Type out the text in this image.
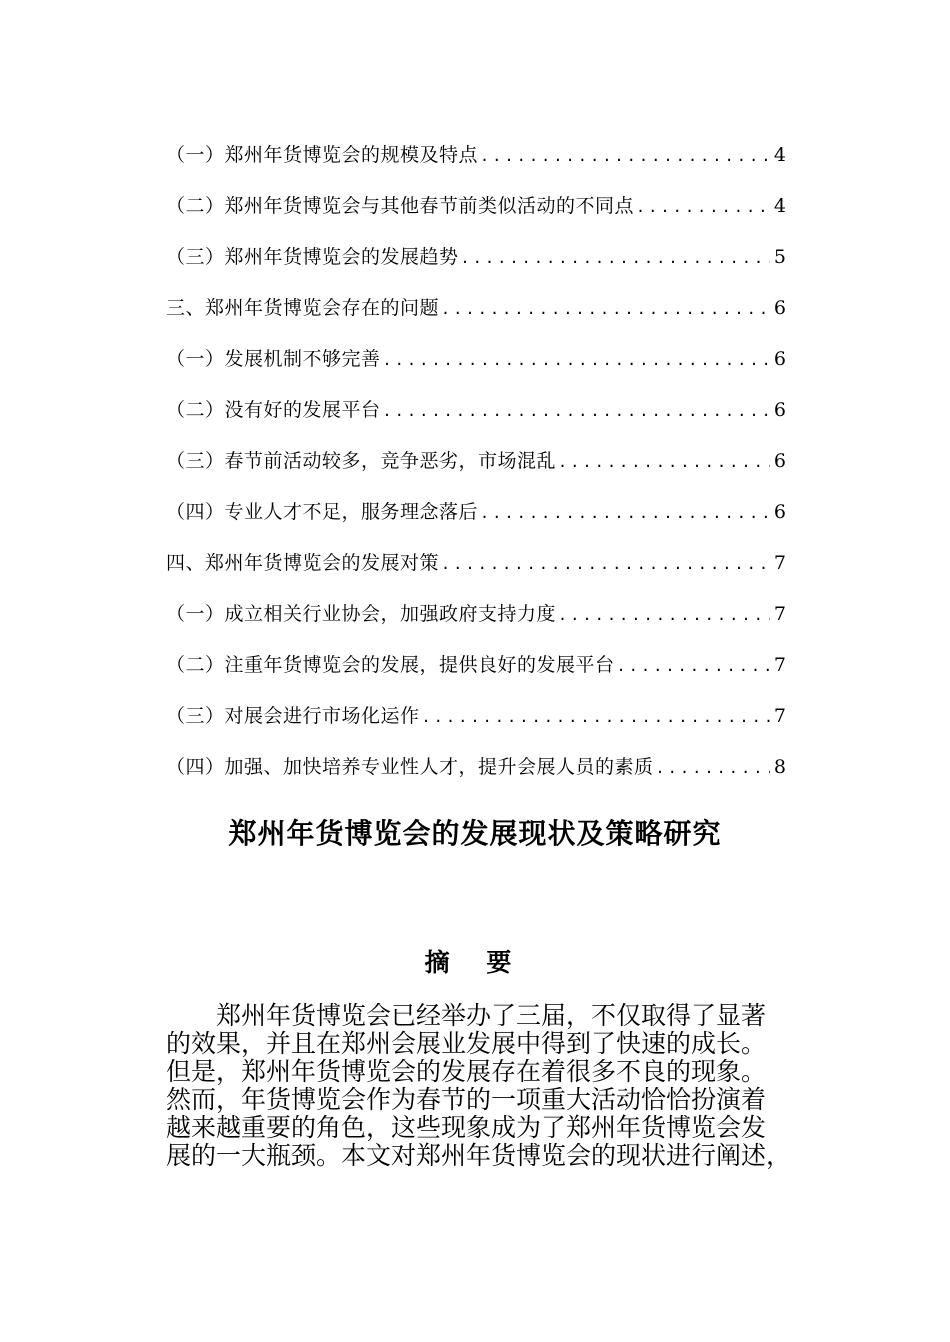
（一）郑州年货博览会的规模及特点 .....	4
（二）郑州年货博览会与其他春节前类似活动的不同点 .....	4
（三）郑州年货博览会的发展趋势 .....	5
三、郑州年货博览会存在的问题 .....	6
（一）发展机制不够完善 .....	6
（二）没有好的发展平台 .....	6
（三）春节前活动较多，竞争恶劣，市场混乱 .....	6
（四）专业人才不足，服务理念落后 .....	6
四、郑州年货博览会的发展对策 .....	7
（一）成立相关行业协会，加强政府支持力度 .....	7
（二）注重年货博览会的发展，提供良好的发展平台 .....	7
（三）对展会进行市场化运作 .....	7
（四）加强、加快培养专业性人才，提升会展人员的素质 .....	8
郑州年货博览会的发展现状及策略研究
摘 要

郑州年货博览会已经举办了三届，不仅取得了显著

的效果，并且在郑州会展业发展中得到了快速的成长。

但是，郑州年货博览会的发展存在着很多不良的现象。

然而，年货博览会作为春节的一项重大活动恰恰扮演着

越来越重要的角色，这些现象成为了郑州年货博览会发

展的一大瓶颈。本文对郑州年货博览会的现状进行阐述，
